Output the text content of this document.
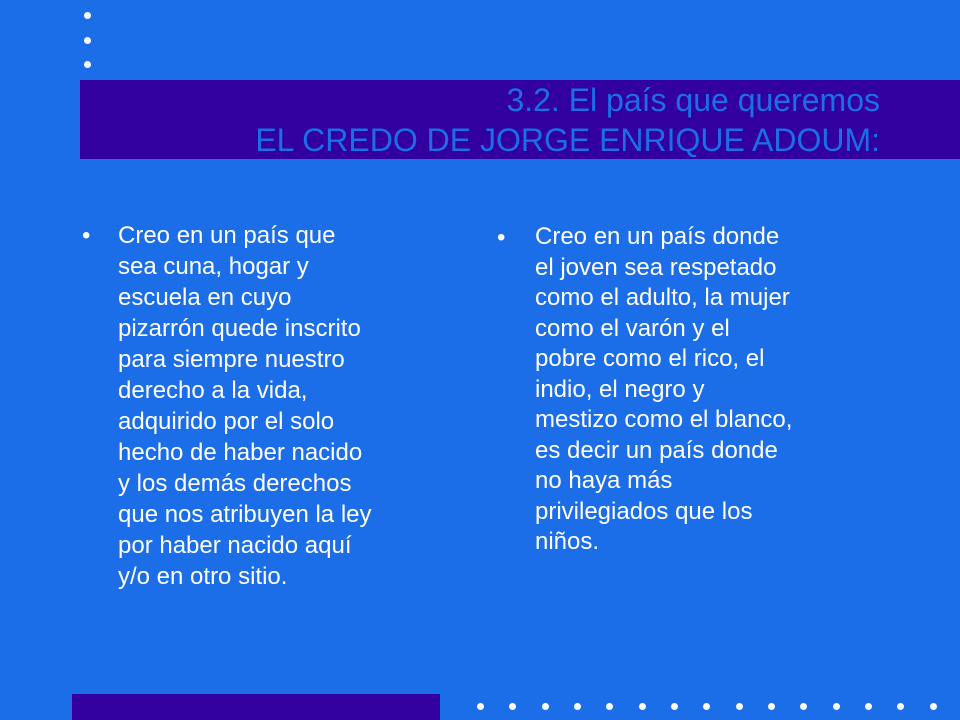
3.2. El país que queremos
EL CREDO DE JORGE ENRIQUE ADOUM:
•	Creo en un país que
sea cuna, hogar y
escuela en cuyo
pizarrón quede inscrito
para siempre nuestro
derecho a la vida,
adquirido por el solo
hecho de haber nacido
y los demás derechos
que nos atribuyen la ley
por haber nacido aquí
y/o en otro sitio.
•	Creo en un país donde
el joven sea respetado
como el adulto, la mujer
como el varón y el
pobre como el rico, el
indio, el negro y
mestizo como el blanco,
es decir un país donde
no haya más
privilegiados que los
niños.
